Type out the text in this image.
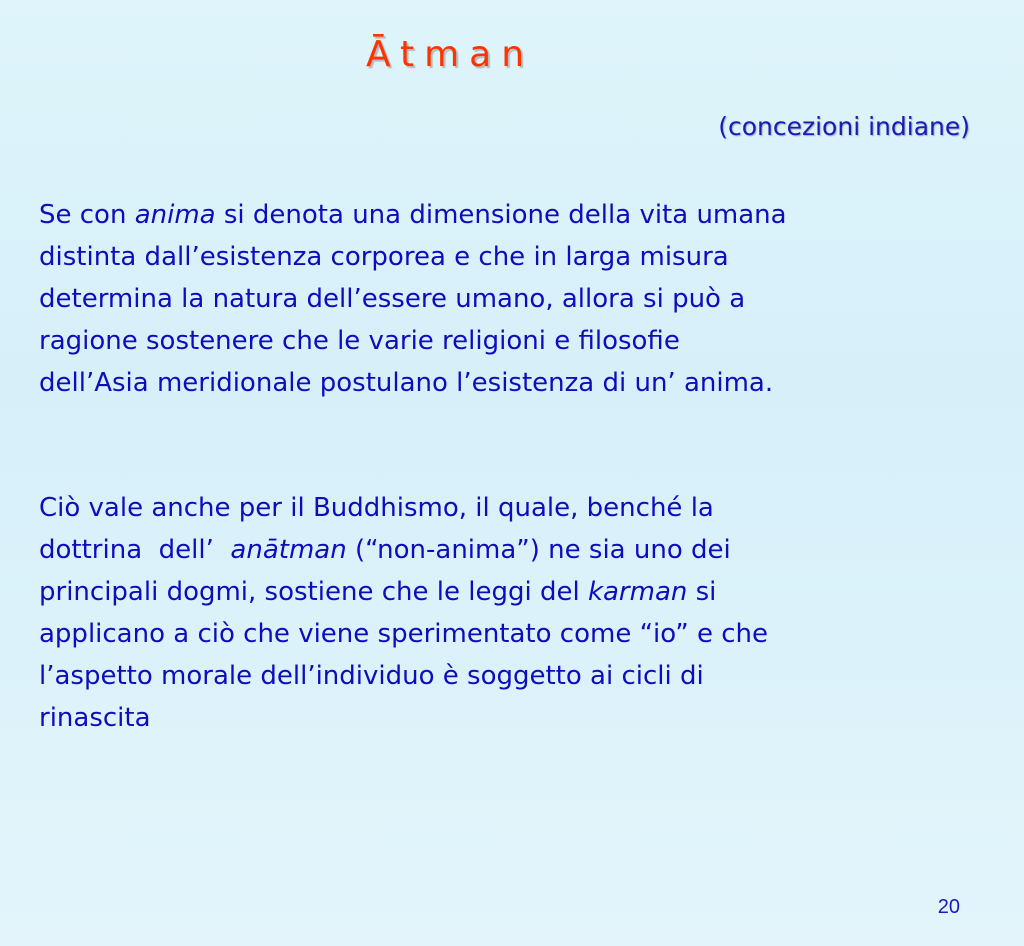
Ātman

(concezioni indiane)

Se con anima si denota una dimensione della vita umana
distinta dall’esistenza corporea e che in larga misura
determina la natura dell’essere umano, allora si può a
ragione sostenere che le varie religioni e filosofie
dell’Asia meridionale postulano l’esistenza di un’ anima.

Ciò vale anche per il Buddhismo, il quale, benché la
dottrina  dell’  anātman (“non-anima”) ne sia uno dei
principali dogmi, sostiene che le leggi del karman si
applicano a ciò che viene sperimentato come “io” e che
l’aspetto morale dell’individuo è soggetto ai cicli di
rinascita

20
